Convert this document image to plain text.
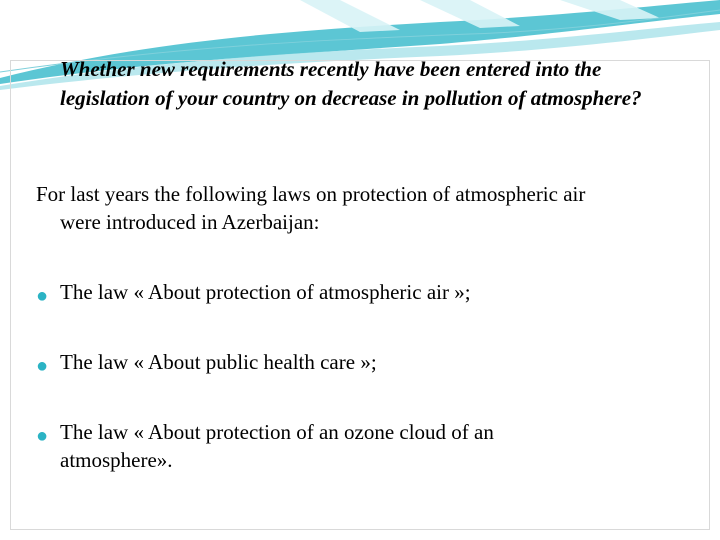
Whether new requirements recently have been entered into the legislation of your country on decrease in pollution of atmosphere?
For last years the following laws on protection of atmospheric air
were introduced in Azerbaijan:
● The law « About protection of atmospheric air »;
● The law « About public health care »;
● The law « About protection of an ozone cloud of an
atmosphere».
